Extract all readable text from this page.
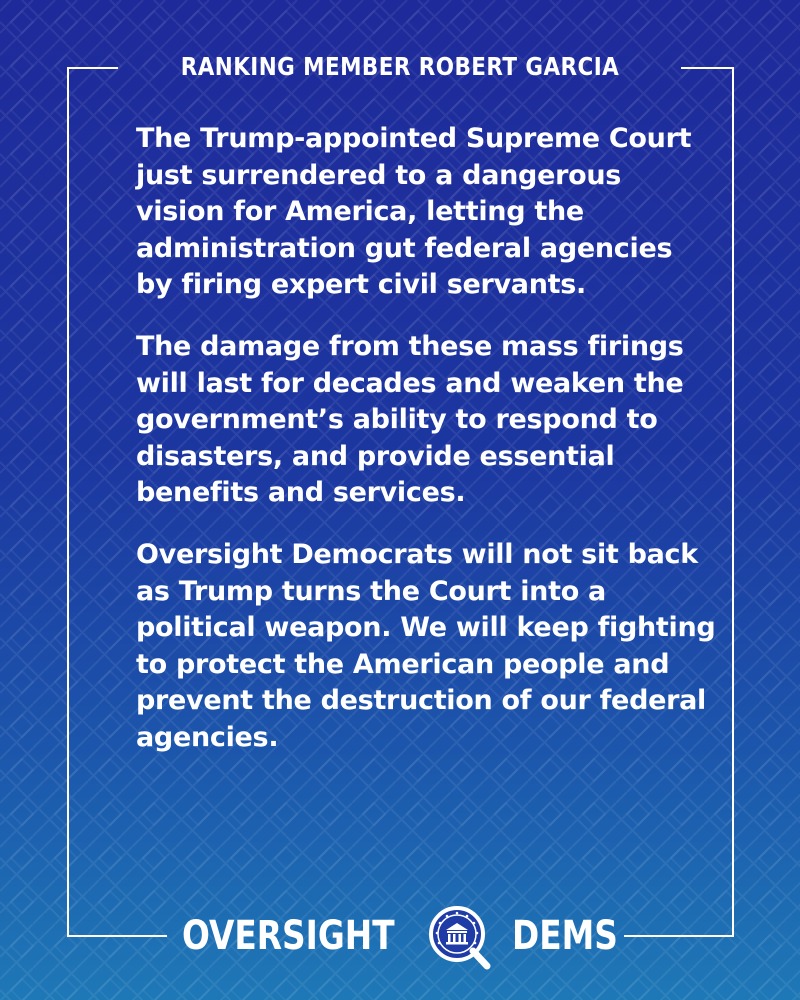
RANKING MEMBER ROBERT GARCIA

The Trump-appointed Supreme Court just surrendered to a dangerous vision for America, letting the administration gut federal agencies by firing expert civil servants.

The damage from these mass firings will last for decades and weaken the government’s ability to respond to disasters, and provide essential benefits and services.

Oversight Democrats will not sit back as Trump turns the Court into a political weapon. We will keep fighting to protect the American people and prevent the destruction of our federal agencies.

OVERSIGHT	DEMS
